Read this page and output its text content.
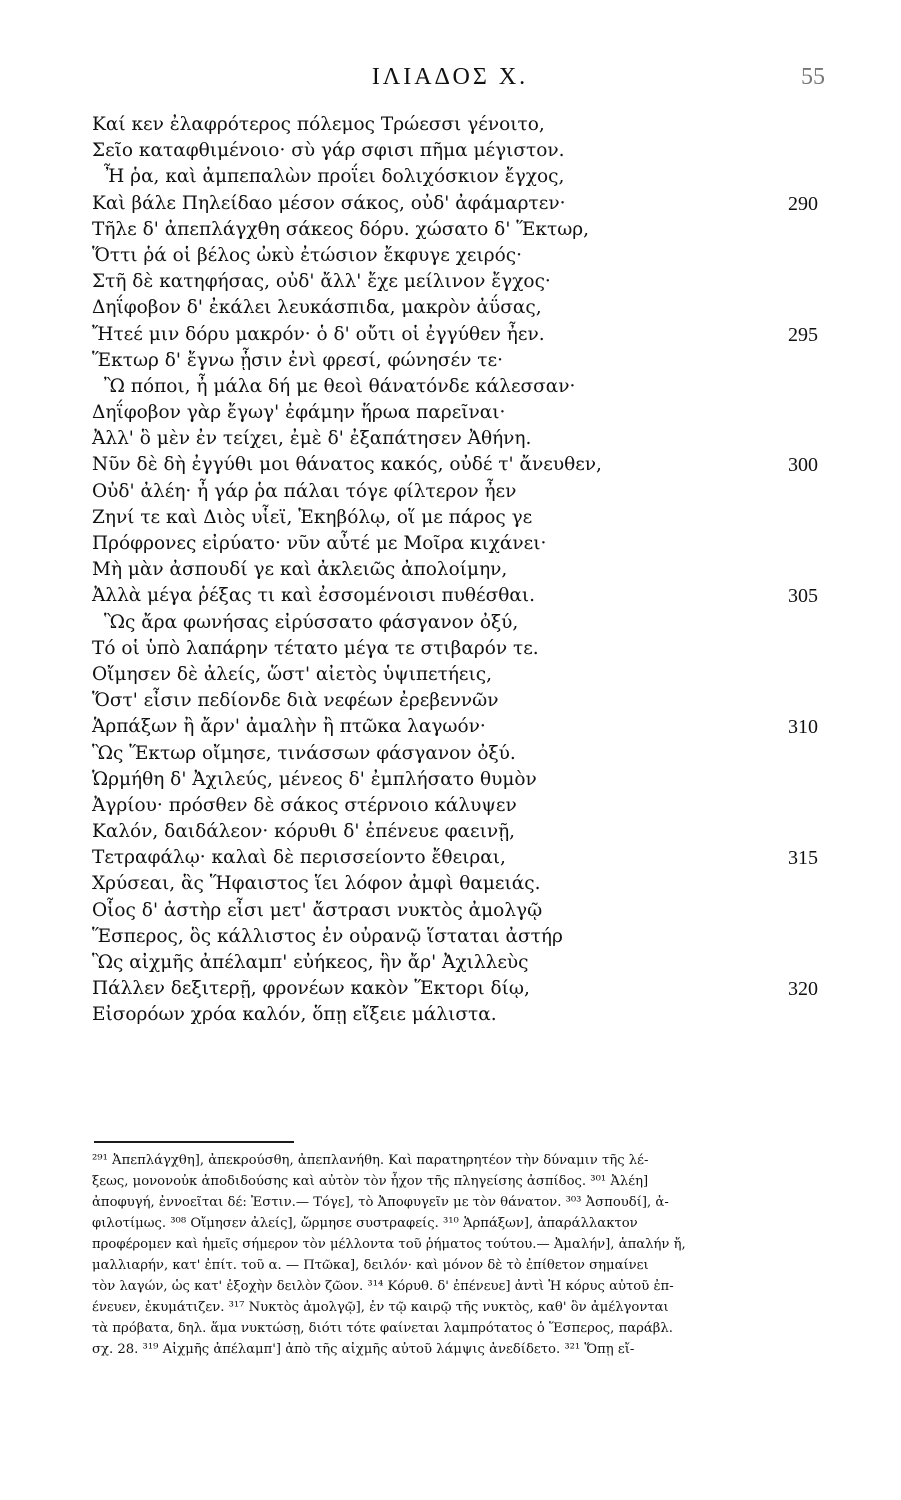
ΙΛΙΑΔΟΣ Χ.	55
Καί κεν ἐλαφρότερος πόλεμος Τρώεσσι γένοιτο,
Σεῖο καταφθιμένοιο· σὺ γάρ σφισι πῆμα μέγιστον.
Ἦ ῥα, καὶ ἀμπεπαλὼν προΐει δολιχόσκιον ἔγχος,
Καὶ βάλε Πηλείδαο μέσον σάκος, οὐδ' ἀφάμαρτεν·	290
Τῆλε δ' ἀπεπλάγχθη σάκεος δόρυ. χώσατο δ' Ἕκτωρ,
Ὅττι ῥά οἱ βέλος ὠκὺ ἐτώσιον ἔκφυγε χειρός·
Στῆ δὲ κατηφήσας, οὐδ' ἄλλ' ἔχε μείλινον ἔγχος·
Δηΐφοβον δ' ἐκάλει λευκάσπιδα, μακρὸν ἀΰσας,
Ἤτεέ μιν δόρυ μακρόν· ὁ δ' οὔτι οἱ ἐγγύθεν ἦεν.	295
Ἕκτωρ δ' ἔγνω ᾗσιν ἐνὶ φρεσί, φώνησέν τε·
Ὢ πόποι, ἦ μάλα δή με θεοὶ θάνατόνδε κάλεσσαν·
Δηΐφοβον γὰρ ἔγωγ' ἐφάμην ἥρωα παρεῖναι·
Ἀλλ' ὃ μὲν ἐν τείχει, ἐμὲ δ' ἐξαπάτησεν Ἀθήνη.
Νῦν δὲ δὴ ἐγγύθι μοι θάνατος κακός, οὐδέ τ' ἄνευθεν,	300
Οὐδ' ἀλέη· ἦ γάρ ῥα πάλαι τόγε φίλτερον ἦεν
Ζηνί τε καὶ Διὸς υἷεϊ, Ἑκηβόλῳ, οἵ με πάρος γε
Πρόφρονες εἰρύατο· νῦν αὖτέ με Μοῖρα κιχάνει·
Μὴ μὰν ἀσπουδί γε καὶ ἀκλειῶς ἀπολοίμην,
Ἀλλὰ μέγα ῥέξας τι καὶ ἐσσομένοισι πυθέσθαι.	305
Ὣς ἄρα φωνήσας εἰρύσσατο φάσγανον ὀξύ,
Τό οἱ ὑπὸ λαπάρην τέτατο μέγα τε στιβαρόν τε.
Οἴμησεν δὲ ἀλείς, ὥστ' αἰετὸς ὑψιπετήεις,
Ὅστ' εἶσιν πεδίονδε διὰ νεφέων ἐρεβεννῶν
Ἁρπάξων ἢ ἄρν' ἀμαλὴν ἢ πτῶκα λαγωόν·	310
Ὣς Ἕκτωρ οἴμησε, τινάσσων φάσγανον ὀξύ.
Ὡρμήθη δ' Ἀχιλεύς, μένεος δ' ἐμπλήσατο θυμὸν
Ἀγρίου· πρόσθεν δὲ σάκος στέρνοιο κάλυψεν
Καλόν, δαιδάλεον· κόρυθι δ' ἐπένευε φαεινῇ,
Τετραφάλῳ· καλαὶ δὲ περισσείοντο ἔθειραι,	315
Χρύσεαι, ἃς Ἥφαιστος ἵει λόφον ἀμφὶ θαμειάς.
Οἷος δ' ἀστὴρ εἶσι μετ' ἄστρασι νυκτὸς ἀμολγῷ
Ἕσπερος, ὃς κάλλιστος ἐν οὐρανῷ ἵσταται ἀστήρ
Ὣς αἰχμῆς ἀπέλαμπ' εὐήκεος, ἣν ἄρ' Ἀχιλλεὺς
Πάλλεν δεξιτερῇ, φρονέων κακὸν Ἕκτορι δίῳ,	320
Εἰσορόων χρόα καλόν, ὅπῃ εἴξειε μάλιστα.
²⁹¹ Ἀπεπλάγχθη], ἀπεκρούσθη, ἀπεπλανήθη. Καὶ παρατηρητέον τὴν δύναμιν τῆς λέ-
ξεως, μονονοὐκ ἀποδιδούσης καὶ αὐτὸν τὸν ἦχον τῆς πληγείσης ἀσπίδος. ³⁰¹ Ἀλέη]
ἀποφυγή, ἐννοεῖται δέ: Ἐστιν.— Τόγε], τὸ Ἀποφυγεῖν με τὸν θάνατον. ³⁰³ Ἀσπουδί], ἀ-
φιλοτίμως. ³⁰⁸ Οἴμησεν ἀλείς], ὥρμησε συστραφείς. ³¹⁰ Ἁρπάξων], ἀπαράλλακτον
προφέρομεν καὶ ἡμεῖς σήμερον τὸν μέλλοντα τοῦ ῥήματος τούτου.— Ἀμαλήν], ἁπαλήν ἤ,
μαλλιαρήν, κατ' ἐπίτ. τοῦ α. — Πτῶκα], δειλόν· καὶ μόνον δὲ τὸ ἐπίθετον σημαίνει
τὸν λαγών, ὡς κατ' ἐξοχὴν δειλὸν ζῶον. ³¹⁴ Κόρυθ. δ' ἐπένευε] ἀντὶ Ἡ κόρυς αὐτοῦ ἐπ-
ένευεν, ἐκυμάτιζεν. ³¹⁷ Νυκτὸς ἀμολγῷ], ἐν τῷ καιρῷ τῆς νυκτὸς, καθ' ὃν ἀμέλγονται
τὰ πρόβατα, δηλ. ἅμα νυκτώσῃ, διότι τότε φαίνεται λαμπρότατος ὁ Ἕσπερος, παράβλ.
σχ. 28. ³¹⁹ Αἰχμῆς ἀπέλαμπ'] ἀπὸ τῆς αἰχμῆς αὐτοῦ λάμψις ἀνεδίδετο. ³²¹ Ὅπῃ εἴ-
